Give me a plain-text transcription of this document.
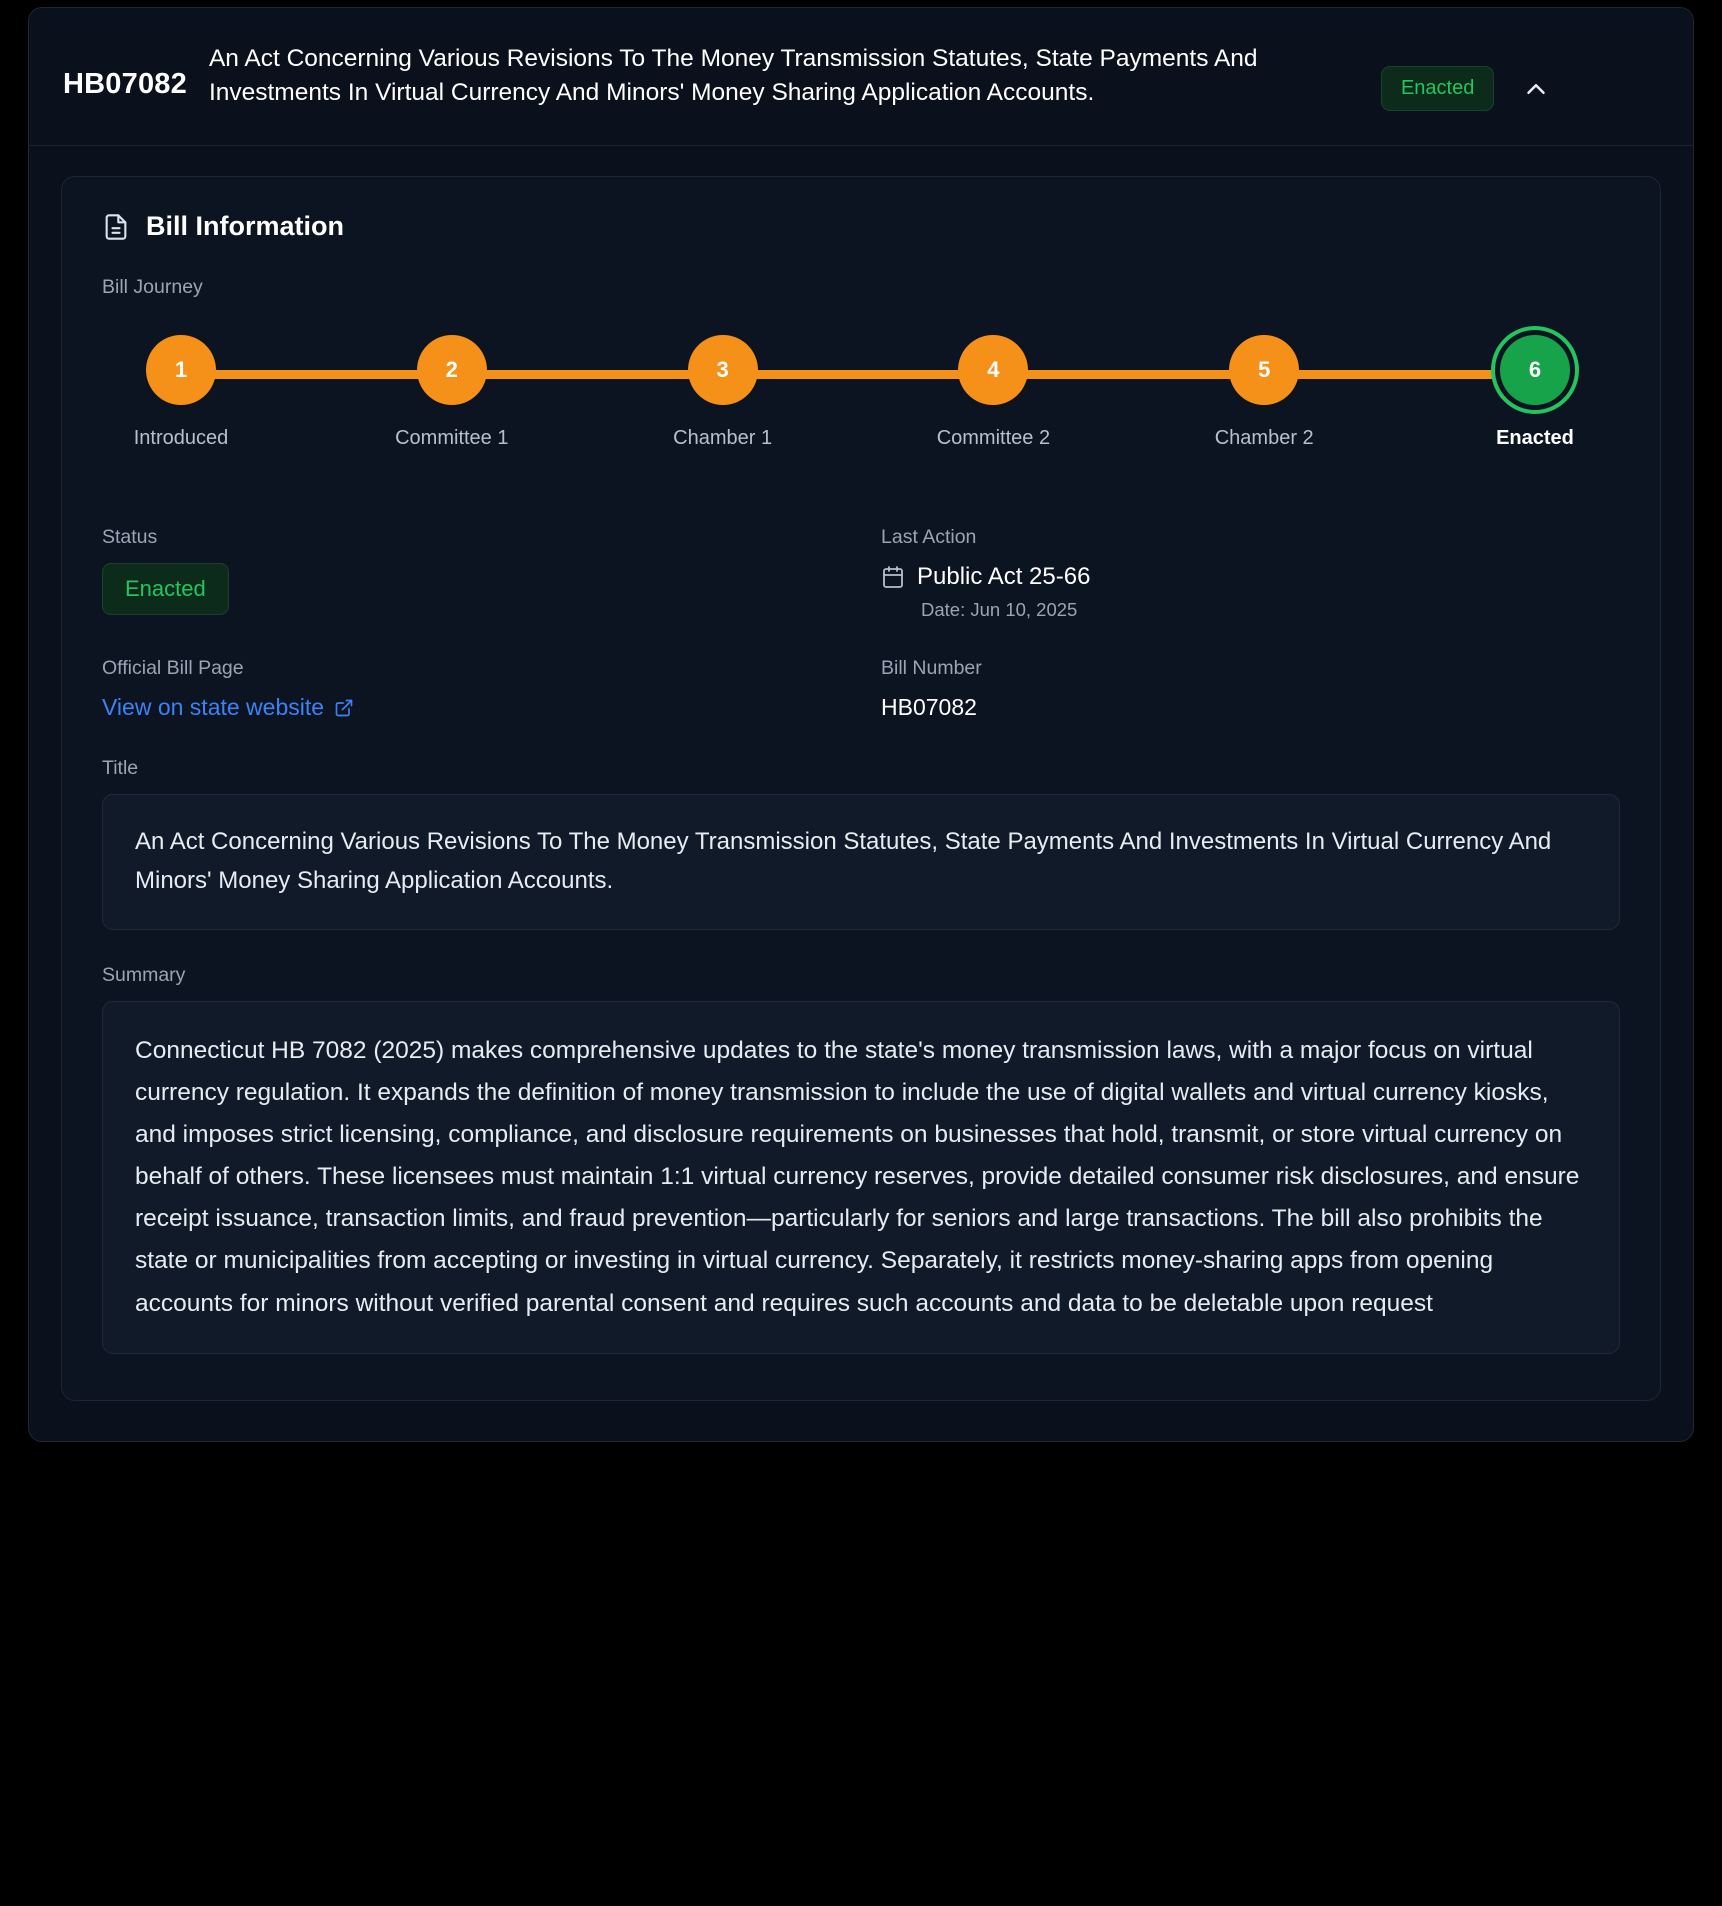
HB07082
An Act Concerning Various Revisions To The Money Transmission Statutes, State Payments And Investments In Virtual Currency And Minors' Money Sharing Application Accounts.	Enacted
Bill Information
Bill Journey
1
Introduced
2
Committee 1
3
Chamber 1
4
Committee 2
5
Chamber 2
6
Enacted
Status
Enacted
Last Action
Public Act 25-66
Date: Jun 10, 2025
Official Bill Page
View on state website
Bill Number
HB07082
Title
An Act Concerning Various Revisions To The Money Transmission Statutes, State Payments And Investments In Virtual Currency And Minors' Money Sharing Application Accounts.
Summary
Connecticut HB 7082 (2025) makes comprehensive updates to the state's money transmission laws, with a major focus on virtual currency regulation. It expands the definition of money transmission to include the use of digital wallets and virtual currency kiosks, and imposes strict licensing, compliance, and disclosure requirements on businesses that hold, transmit, or store virtual currency on behalf of others. These licensees must maintain 1:1 virtual currency reserves, provide detailed consumer risk disclosures, and ensure receipt issuance, transaction limits, and fraud prevention—particularly for seniors and large transactions. The bill also prohibits the state or municipalities from accepting or investing in virtual currency. Separately, it restricts money-sharing apps from opening accounts for minors without verified parental consent and requires such accounts and data to be deletable upon request
